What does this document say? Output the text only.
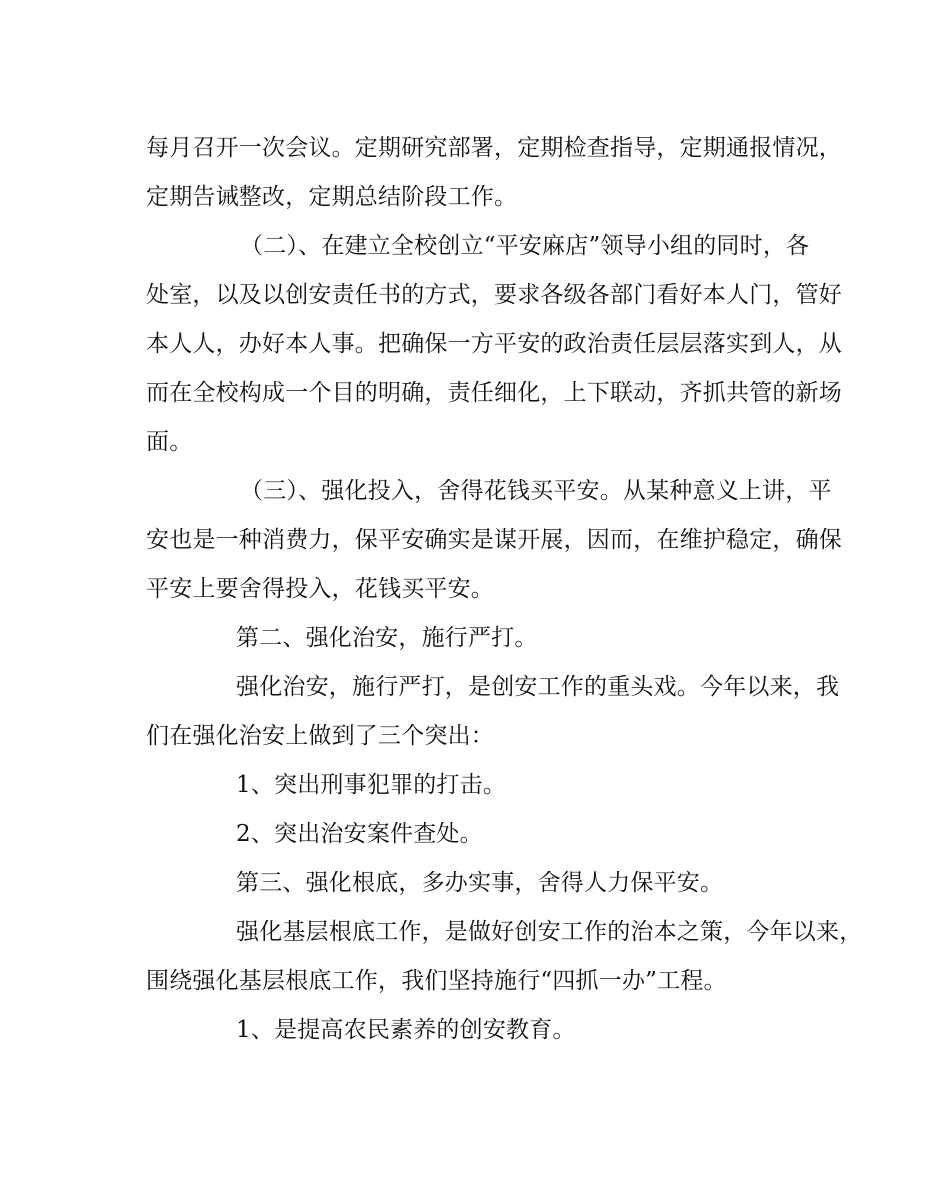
每月召开一次会议。定期研究部署，定期检查指导，定期通报情况，
定期告诫整改，定期总结阶段工作。
（二）、在建立全校创立“平安麻店”领导小组的同时，各
处室，以及以创安责任书的方式，要求各级各部门看好本人门，管好
本人人，办好本人事。把确保一方平安的政治责任层层落实到人，从
而在全校构成一个目的明确，责任细化，上下联动，齐抓共管的新场
面。
（三）、强化投入，舍得花钱买平安。从某种意义上讲，平
安也是一种消费力，保平安确实是谋开展，因而，在维护稳定，确保
平安上要舍得投入，花钱买平安。
第二、强化治安，施行严打。
强化治安，施行严打，是创安工作的重头戏。今年以来，我
们在强化治安上做到了三个突出：
1、突出刑事犯罪的打击。
2、突出治安案件查处。
第三、强化根底，多办实事，舍得人力保平安。
强化基层根底工作，是做好创安工作的治本之策，今年以来，
围绕强化基层根底工作，我们坚持施行“四抓一办”工程。
1、是提高农民素养的创安教育。
